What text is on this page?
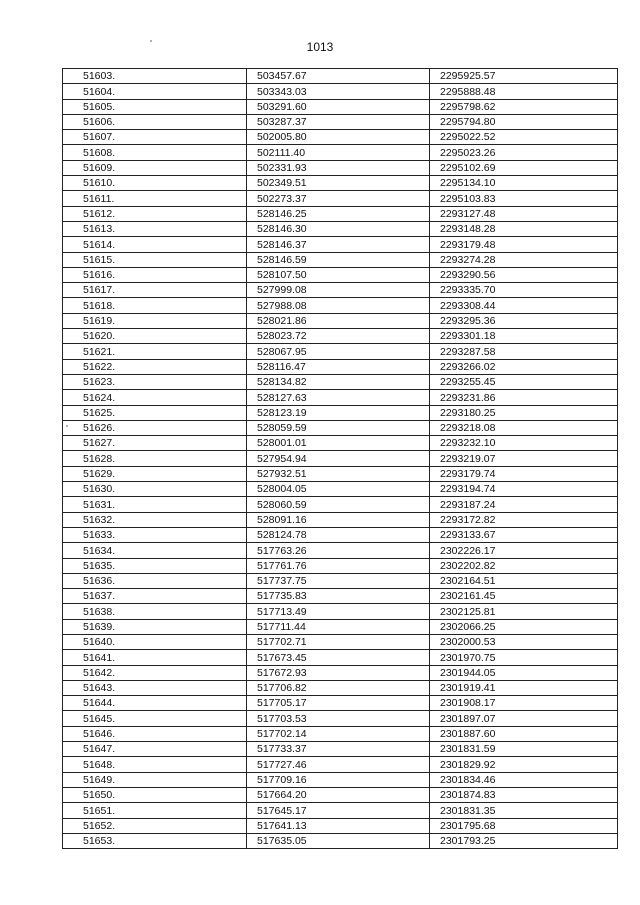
1013
51603.	503457.67	2295925.57
51604.	503343.03	2295888.48
51605.	503291.60	2295798.62
51606.	503287.37	2295794.80
51607.	502005.80	2295022.52
51608.	502111.40	2295023.26
51609.	502331.93	2295102.69
51610.	502349.51	2295134.10
51611.	502273.37	2295103.83
51612.	528146.25	2293127.48
51613.	528146.30	2293148.28
51614.	528146.37	2293179.48
51615.	528146.59	2293274.28
51616.	528107.50	2293290.56
51617.	527999.08	2293335.70
51618.	527988.08	2293308.44
51619.	528021.86	2293295.36
51620.	528023.72	2293301.18
51621.	528067.95	2293287.58
51622.	528116.47	2293266.02
51623.	528134.82	2293255.45
51624.	528127.63	2293231.86
51625.	528123.19	2293180.25
51626.	528059.59	2293218.08
51627.	528001.01	2293232.10
51628.	527954.94	2293219.07
51629.	527932.51	2293179.74
51630.	528004.05	2293194.74
51631.	528060.59	2293187.24
51632.	528091.16	2293172.82
51633.	528124.78	2293133.67
51634.	517763.26	2302226.17
51635.	517761.76	2302202.82
51636.	517737.75	2302164.51
51637.	517735.83	2302161.45
51638.	517713.49	2302125.81
51639.	517711.44	2302066.25
51640.	517702.71	2302000.53
51641.	517673.45	2301970.75
51642.	517672.93	2301944.05
51643.	517706.82	2301919.41
51644.	517705.17	2301908.17
51645.	517703.53	2301897.07
51646.	517702.14	2301887.60
51647.	517733.37	2301831.59
51648.	517727.46	2301829.92
51649.	517709.16	2301834.46
51650.	517664.20	2301874.83
51651.	517645.17	2301831.35
51652.	517641.13	2301795.68
51653.	517635.05	2301793.25
